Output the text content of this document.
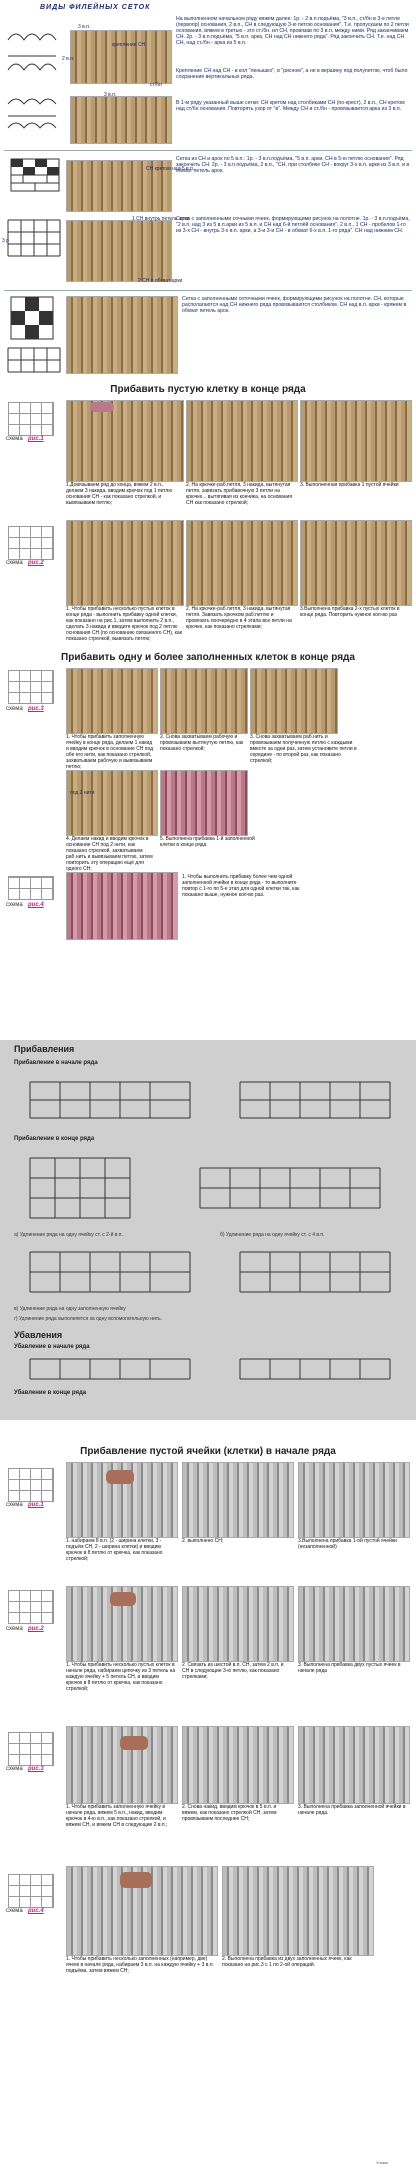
ВИДЫ ФИЛЕЙНЫХ СЕТОК
3 в.п.
2 в.п.
крепление СН
ст/бн
На выполненном начальном ряду вяжем далее: 1р. - 2 в.п.подъёма, "3 в.п., ст/бн в 3-е петле (первопр) основания, 2 в.п., СН в следующую 3-ю петлю основания". Т.е. пропускаем по 2 петли основания, вяжем в третью - это ст./бн. ил СН, провязав по 3 в.п. между ними. Ряд заканчиваем СН. 2р. - 3 в.п.подъёма, "5 в.п. арка, СН над СН нижнего ряда". Ряд закончить СН. Т.е. над СН СН, над ст./бн - арка из 5 в.п.
Крепление СН над СН - в кол "ленышко", в "рисном", а не в вершину под полупетлю, чтоб было сохранение вертикальных ряда.
3 в.п.
В 1-м ряду указанный выше сетки: СН кретом над столбиками СН (по-крест), 2 в.п., СН кретом над ст/бн основания. Повторять узор от "в". Между СН и ст./бн - провязывается арка из 3 в.п.
СН кретом над 5 в.п.
Сетка из СН и арок по 5 в.п.: 1р. - 3 в.п.подъёма, "5 в.п. арки, СН в 5-ю петлю основания". Ряд закончить СН. 2р. - 3 в.п.подъёма, 2 в.п., "СН, при столбике СН - вокруг 3-х в.п. арки из 3 в.п. и в обхват петель арок.
3 р
1 СН внутрь петель арки
2 СН в обхват арки
Сетка с заполненными сочными ячеек, формирующими рисунок на полотне. 1р. - 3 в.п.подъёма, "2 в.п. над 3 из 5 в.п.арки из 5 в.п. и СН над 6-й петлёй основания", 2 в.п., 1 СН - пробелов 1-го из 3-х СН - внутрь 3-х в.п. арки, а 3-и 3-и СН - в обхват 6-х в.п. 1-го ряда". СН над нижним СН.
Сетка с заполненными сеточными ячеек, формирующими рисунок на полотне. СН, которые располагаются над СН нижнего ряда провязываются столбиком. СН над в.п. арки - кряжем в обхват петель арок.
Прибавить пустую клетку в конце ряда
схема рис.1
1.Довязываем ряд до конца, вяжем 2 в.п., делаем 3 накида, вводим крючок под 1 петлю основания СН - как показано стрелкой, и вывязываем петлю;
2. На крючке-раб.петля, 3 накида, вытянутая петля, завязать прибавочную 3 петли на крючке... вытягивая из кончика, на основания СН как показано стрелкой;
3. Выполненная прибавка 1 пустой ячейки
схема рис.2
1. Чтобы прибавить несколько пустых клеток в конце ряда - выполнить прибавку одной клетки, как показано на рис.1, затем выполнить 2 в.п., сделать 3 накида и введите крючок под 2 петлю основания СН (по основанию связанного СН), как показано стрелкой, вывязать петлю;
2. На крючке-раб.петля, 3 накида, вытянутая петля. Завязать крючком раб.петлю и провязать поочерёдно в 4 этапа все петли на крючке, как показано стрелками;
3.Выполнена прибавка 2-х пустых клеток в конце ряда. Повторить нужное кол-во раз
Прибавить одну и более заполненных клеток в конце ряда
схема рис.3
1. Чтобы прибавить заполненную ячейку в конце ряда, делаем 1 накид и вводим крючок в основание СН под обе его нити, как показано стрелкой, захватываем рабочую и вывязываем петлю;
2. Снова захватываем рабочую и провязываем вытянутую петлю, как показано стрелкой;
3. Снова захватываем раб.нить и провязываем полученную петлю с каждыми вместе за одни раз, затем установите петли в середине - по второй раз, как показано стрелкой;
под 2 нити
4. Делаем накид и вводим крючок в основание СН под 2 нити, как показано стрелкой, захватываем раб.нить и вывязываем петлю, затем повторить эту операцию ещё для одного СН;
5. Выполнена прибавка 1-й заполненной клетки в конце ряда
схема рис.4
1. Чтобы выполнить прибавку более чем одной заполненной ячейки в конце ряда - то выполните повтор с 1-го по 5-е этап для одной клетки так, как показано выше, нужное кол-во раз.
Прибавления
Прибавление в начале ряда
Прибавление в конце ряда
а) Удлинение ряда на одну ячейку ст. с 2-й в.п.	б) Удлинение ряда на одну ячейку ст. с 4 в.п.
в) Удлинение ряда на одну заполненную ячейку
г) Удлинение ряда выполняется за одну вспомогательную нить.
Убавления
Убавление в начале ряда
Убавление в конце ряда
Прибавление пустой ячейки (клетки) в начале ряда
схема рис.1
1. набираем 8 в.п. (2 - ширина клетки, 3 - подъём СН, 2 - ширина клетки) и вводим крючок в 8 петлю от крючка, как показано стрелкой;
2. выполнено СН;	3.Выполнена прибавка 1-ой пустой ячейки (незаполненной)
схема рис.2
1. Чтобы прибавить несколько пустых клеток в начале ряда, набираем цепочку из 3 петель на каждую ячейку + 5 петель СН, и вводим крючок в 8 петлю от крючка, как показано стрелкой;
2. Связать из шестой в.п. СН, затем 2 в.п. и СН в следующие 3-ю петлю, как показано стрелками;
3. Выполнена прибавка двух пустых ячеек в начале ряда
схема рис.3
1. Чтобы прибавить заполненную ячейку в начале ряда, вяжем 5 в.п., накид, вводим крючок в 4-ю в.п., как показано стрелкой, и вяжем СН, и вяжем СН в следующие 2 в.п.;
2. Снова накид, вводим крючок в 5 в.п. и вяжем, как показано стрелкой СН, затем провязываем последнее СН;
3. Выполнена прибавка заполненной ячейки в начале ряда.
схема рис.4
1. Чтобы прибавить несколько заполненных (например, две) ячеек в начале ряда, набираем 3 в.п. на каждую ячейку + 3 в.п. подъёма, затем вяжем СН;
2. Выполнена прибавка из двух заполненных ячеек, как показано на рис.3 с 1 по 2-ой операций.
Ульма
